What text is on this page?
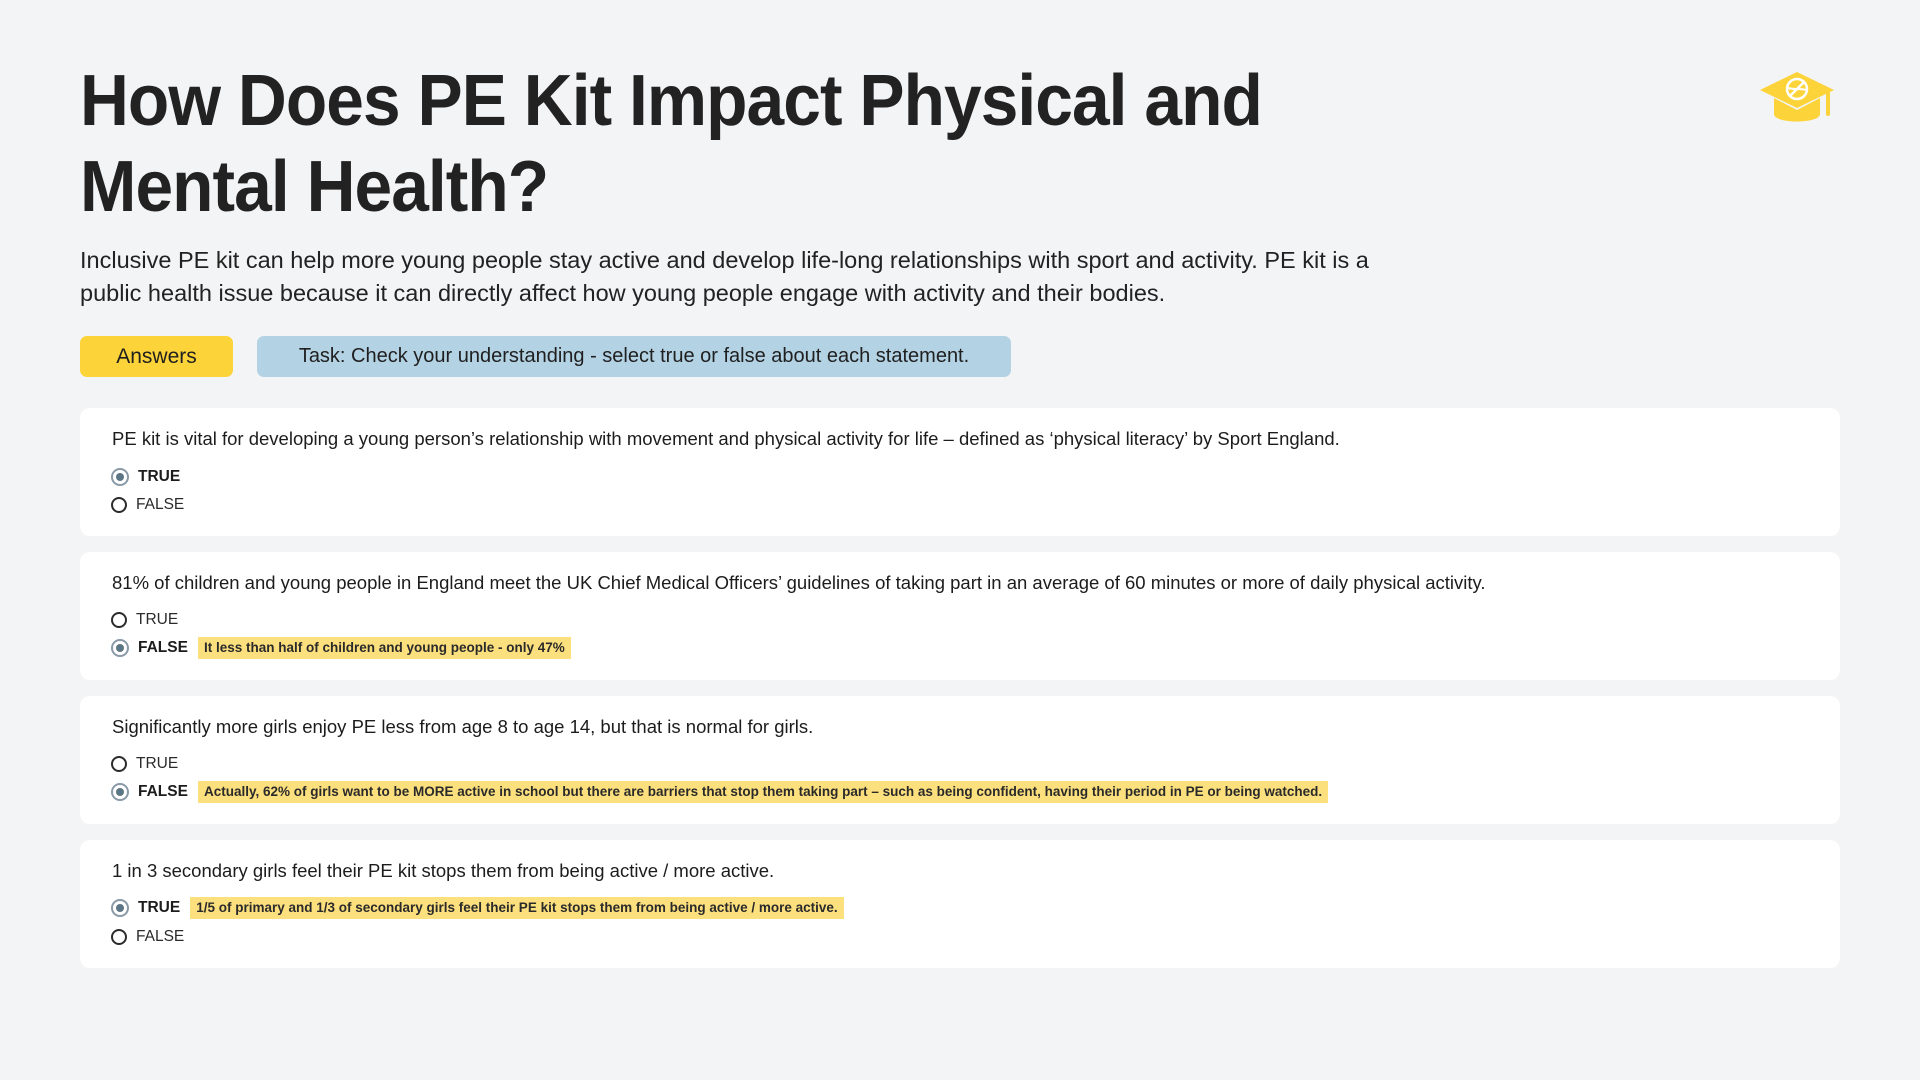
How Does PE Kit Impact Physical and Mental Health?

Inclusive PE kit can help more young people stay active and develop life-long relationships with sport and activity. PE kit is a public health issue because it can directly affect how young people engage with activity and their bodies.

Answers	Task: Check your understanding - select true or false about each statement.

PE kit is vital for developing a young person’s relationship with movement and physical activity for life – defined as ‘physical literacy’ by Sport England.

TRUE
FALSE

81% of children and young people in England meet the UK Chief Medical Officers’ guidelines of taking part in an average of 60 minutes or more of daily physical activity.

TRUE
FALSE	It less than half of children and young people - only 47%

Significantly more girls enjoy PE less from age 8 to age 14, but that is normal for girls.

TRUE
FALSE	Actually, 62% of girls want to be MORE active in school but there are barriers that stop them taking part – such as being confident, having their period in PE or being watched.

1 in 3 secondary girls feel their PE kit stops them from being active / more active.

TRUE	1/5 of primary and 1/3 of secondary girls feel their PE kit stops them from being active / more active.
FALSE
